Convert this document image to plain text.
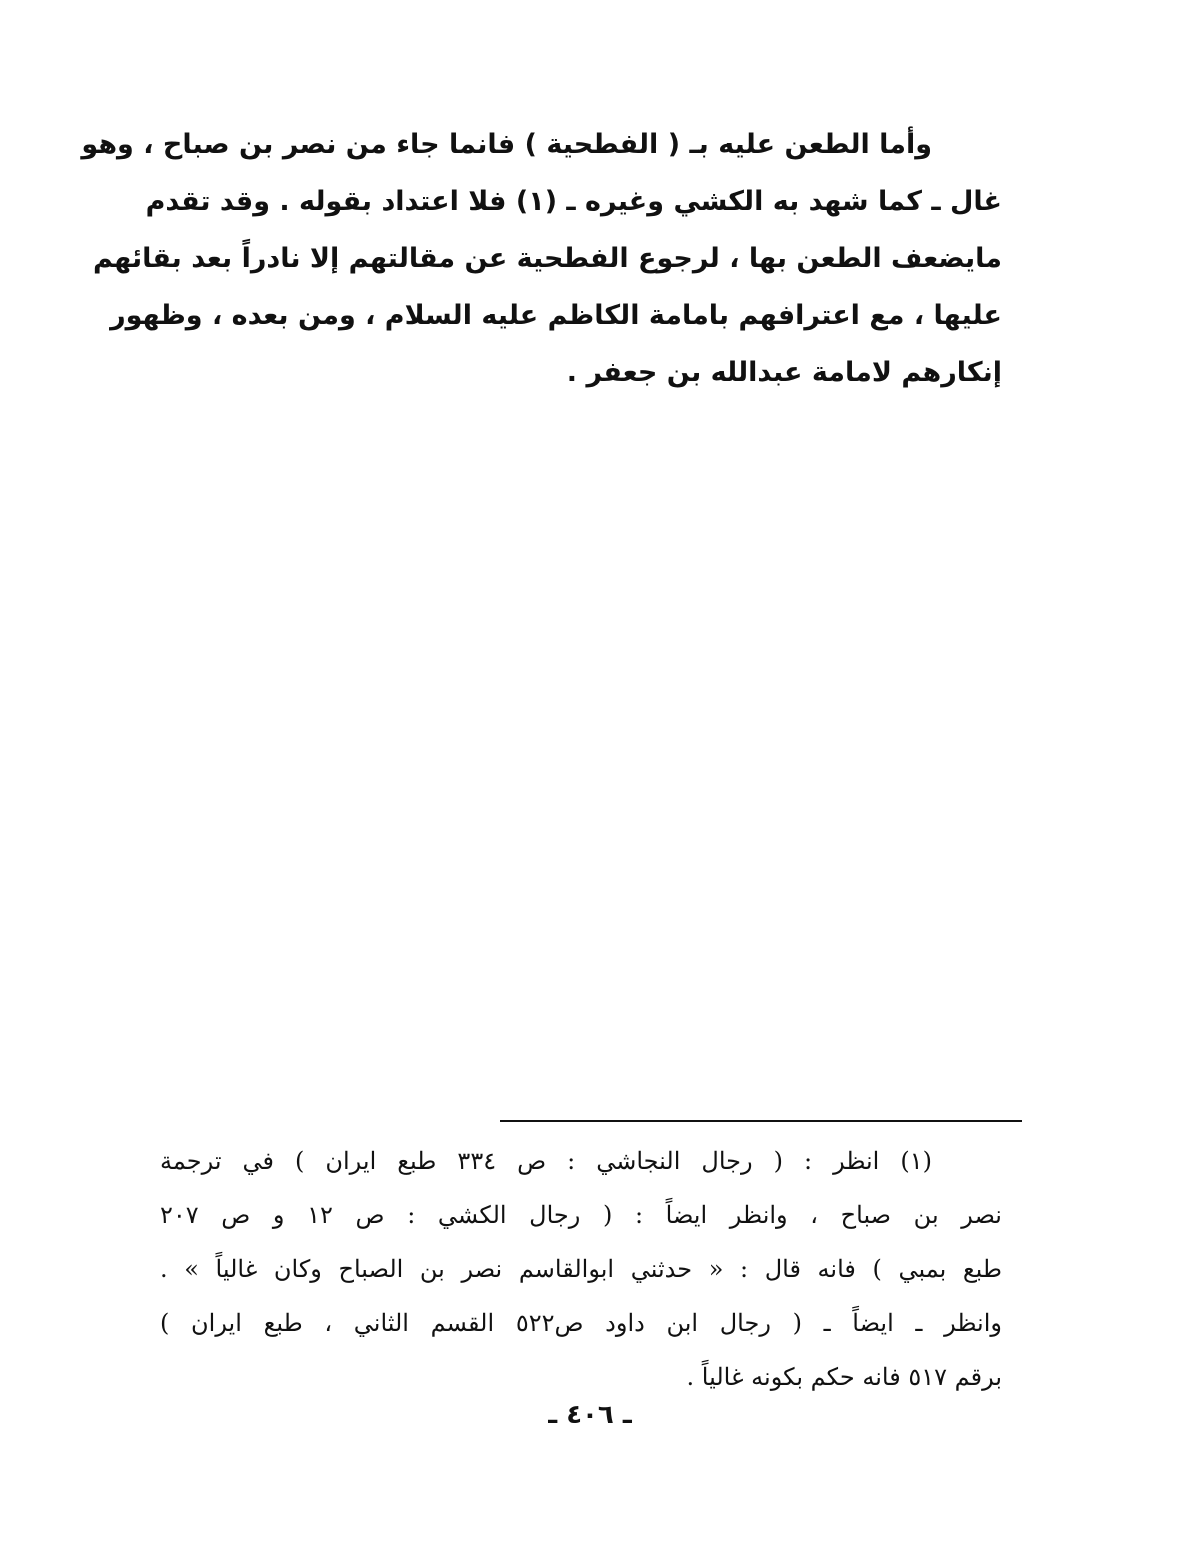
وأما الطعن عليه بـ ( الفطحية ) فانما جاء من نصر بن صباح ، وهو
غال ـ كما شهد به الكشي وغيره ـ (١) فلا اعتداد بقوله . وقد تقدم
مايضعف الطعن بها ، لرجوع الفطحية عن مقالتهم إلا نادراً بعد بقائهم
عليها ، مع اعترافهم بامامة الكاظم عليه السلام ، ومن بعده ، وظهور
إنكارهم لامامة عبدالله بن جعفر .
(١) انظر : ( رجال النجاشي : ص ٣٣٤ طبع ايران ) في ترجمة
نصر بن صباح ، وانظر ايضاً : ( رجال الكشي : ص ١٢ و ص ٢٠٧
طبع بمبي ) فانه قال : « حدثني ابوالقاسم نصر بن الصباح وكان غالياً » .
وانظر ـ ايضاً ـ ( رجال ابن داود ص٥٢٢ القسم الثاني ، طبع ايران )
برقم ٥١٧ فانه حكم بكونه غالياً .
ـ ٤٠٦ ـ
